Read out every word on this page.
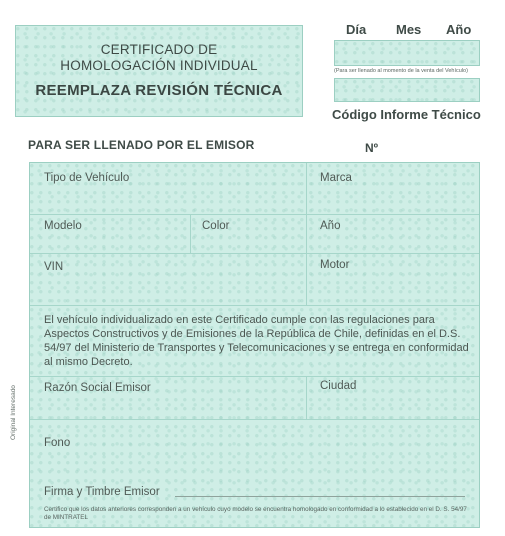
CERTIFICADO DE
HOMOLOGACIÓN INDIVIDUAL
REEMPLAZA REVISIÓN TÉCNICA
Día Mes Año
(Para ser llenado al momento de la venta del Vehículo)
Código Informe Técnico
PARA SER LLENADO POR EL EMISOR	Nº
Tipo de Vehículo	Marca
Modelo	Color	Año
VIN	Motor
El vehículo individualizado en este Certificado cumple con las regulaciones para Aspectos Constructivos y de Emisiones de la República de Chile, definidas en el D.S. 54/97 del Ministerio de Transportes y Telecomunicaciones y se entrega en conformidad al mismo Decreto.
Razón Social Emisor	Ciudad
Fono
Firma y Timbre Emisor
Certifico que los datos anteriores corresponden a un vehículo cuyo modelo se encuentra homologado en conformidad a lo establecido en el D. S. 54/97 de MINTRATEL
Original Interesado
